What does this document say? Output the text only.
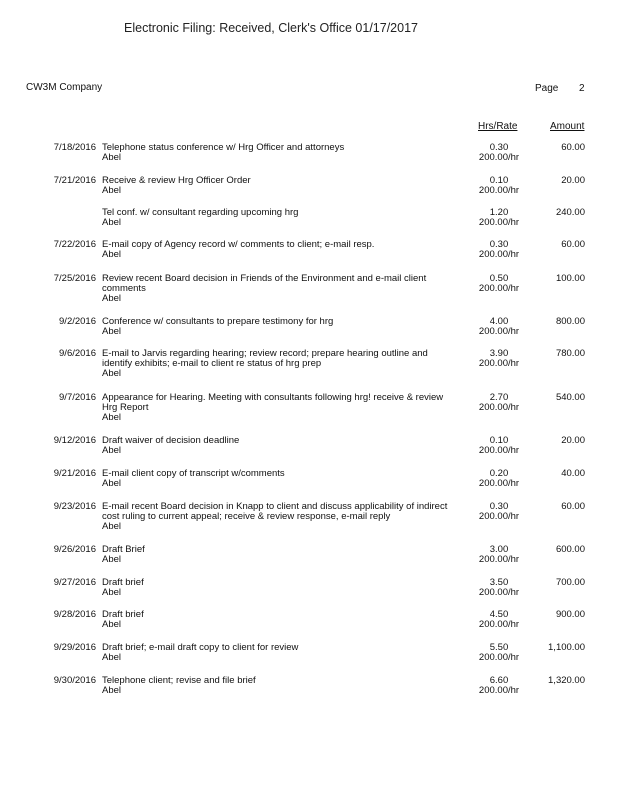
Electronic Filing: Received, Clerk's Office 01/17/2017
CW3M Company	Page 2
Hrs/Rate	Amount
7/18/2016 Telephone status conference w/ Hrg Officer and attorneys
Abel
0.30
200.00/hr
60.00
7/21/2016 Receive & review Hrg Officer Order
Abel
0.10
200.00/hr
20.00
Tel conf. w/ consultant regarding upcoming hrg
Abel
1.20
200.00/hr
240.00
7/22/2016 E-mail copy of Agency record w/ comments to client; e-mail resp.
Abel
0.30
200.00/hr
60.00
7/25/2016 Review recent Board decision in Friends of the Environment and e-mail client comments
Abel
0.50
200.00/hr
100.00
9/2/2016 Conference w/ consultants to prepare testimony for hrg
Abel
4.00
200.00/hr
800.00
9/6/2016 E-mail to Jarvis regarding hearing; review record; prepare hearing outline and identify exhibits; e-mail to client re status of hrg prep
Abel
3.90
200.00/hr
780.00
9/7/2016 Appearance for Hearing. Meeting with consultants following hrg! receive & review Hrg Report
Abel
2.70
200.00/hr
540.00
9/12/2016 Draft waiver of decision deadline
Abel
0.10
200.00/hr
20.00
9/21/2016 E-mail client copy of transcript w/comments
Abel
0.20
200.00/hr
40.00
9/23/2016 E-mail recent Board decision in Knapp to client and discuss applicability of indirect cost ruling to current appeal; receive & review response, e-mail reply
Abel
0.30
200.00/hr
60.00
9/26/2016 Draft Brief
Abel
3.00
200.00/hr
600.00
9/27/2016 Draft brief
Abel
3.50
200.00/hr
700.00
9/28/2016 Draft brief
Abel
4.50
200.00/hr
900.00
9/29/2016 Draft brief; e-mail draft copy to client for review
Abel
5.50
200.00/hr
1,100.00
9/30/2016 Telephone client; revise and file brief
Abel
6.60
200.00/hr
1,320.00
